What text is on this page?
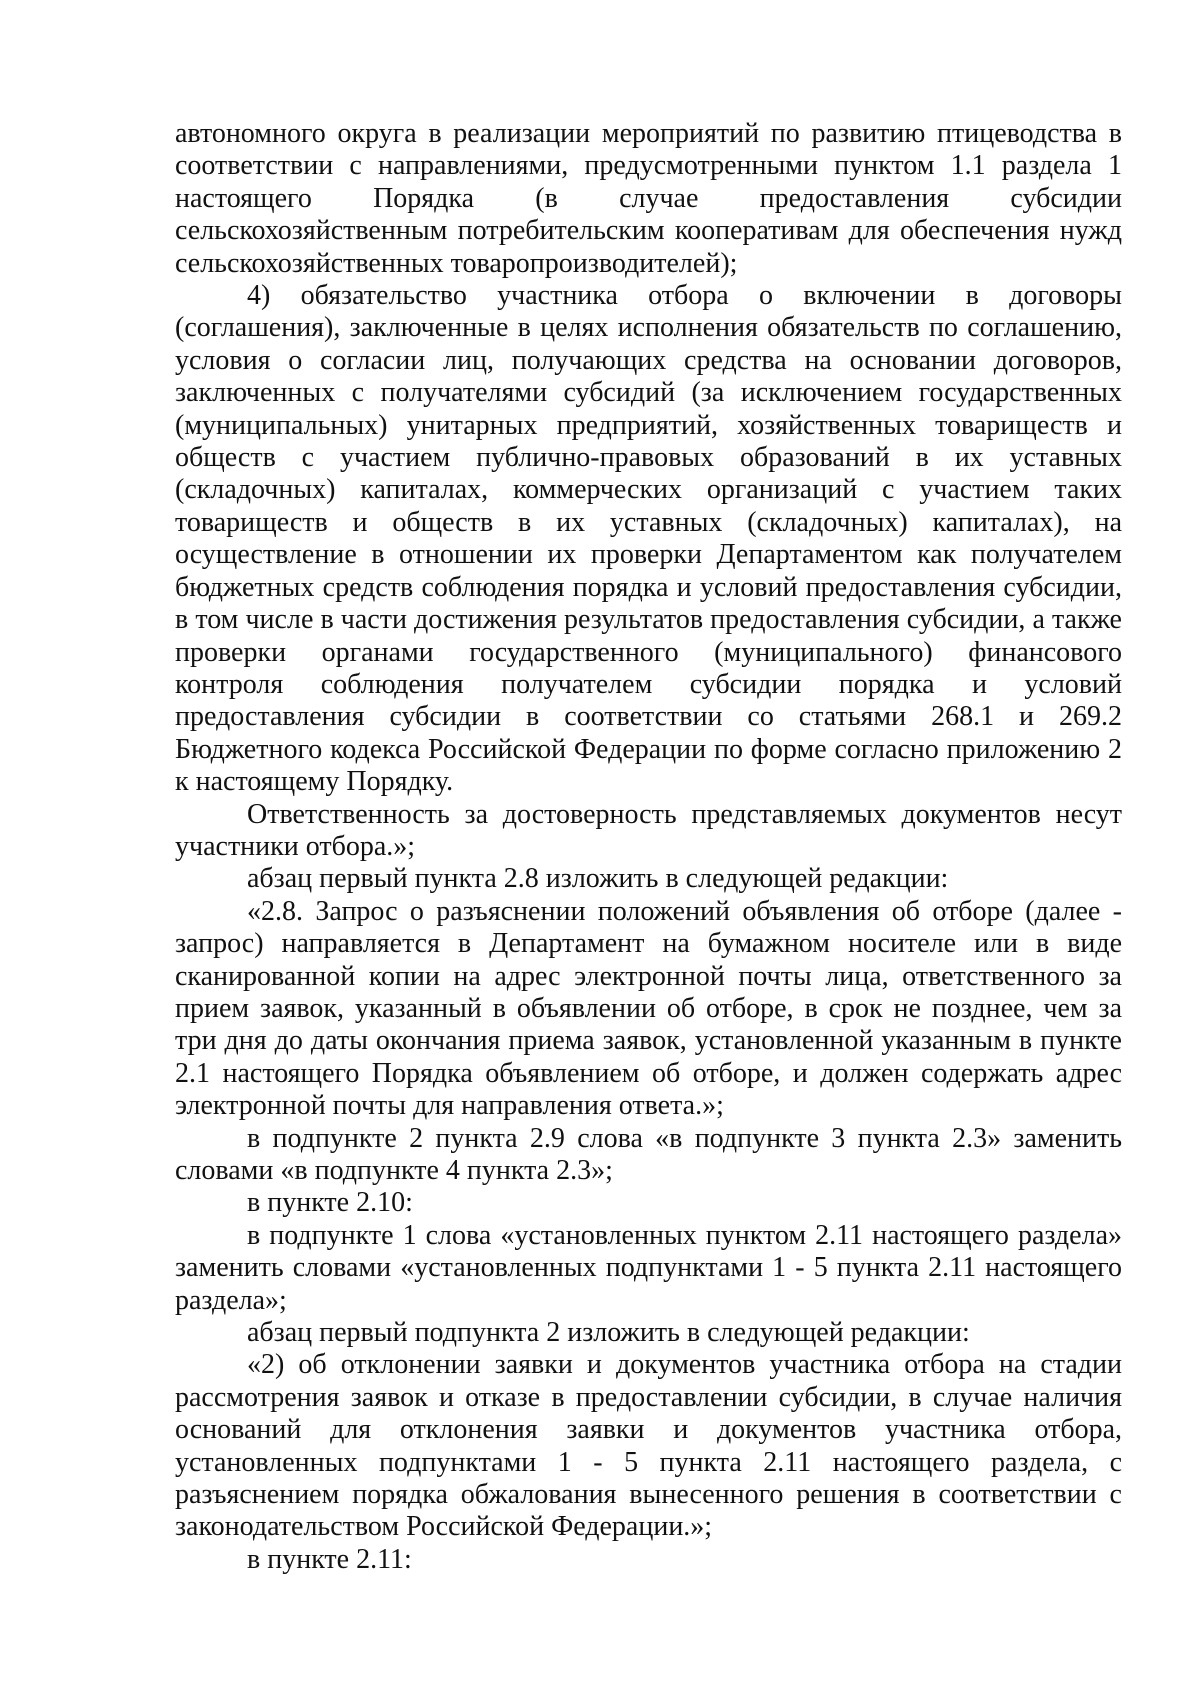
автономного округа в реализации мероприятий по развитию птицеводства в соответствии с направлениями, предусмотренными пунктом 1.1 раздела 1 настоящего Порядка (в случае предоставления субсидии сельскохозяйственным потребительским кооперативам для обеспечения нужд сельскохозяйственных товаропроизводителей);

4) обязательство участника отбора о включении в договоры (соглашения), заключенные в целях исполнения обязательств по соглашению, условия о согласии лиц, получающих средства на основании договоров, заключенных с получателями субсидий (за исключением государственных (муниципальных) унитарных предприятий, хозяйственных товариществ и обществ с участием публично-правовых образований в их уставных (складочных) капиталах, коммерческих организаций с участием таких товариществ и обществ в их уставных (складочных) капиталах), на осуществление в отношении их проверки Департаментом как получателем бюджетных средств соблюдения порядка и условий предоставления субсидии, в том числе в части достижения результатов предоставления субсидии, а также проверки органами государственного (муниципального) финансового контроля соблюдения получателем субсидии порядка и условий предоставления субсидии в соответствии со статьями 268.1 и 269.2 Бюджетного кодекса Российской Федерации по форме согласно приложению 2 к настоящему Порядку.

Ответственность за достоверность представляемых документов несут участники отбора.»;

абзац первый пункта 2.8 изложить в следующей редакции:

«2.8. Запрос о разъяснении положений объявления об отборе (далее - запрос) направляется в Департамент на бумажном носителе или в виде сканированной копии на адрес электронной почты лица, ответственного за прием заявок, указанный в объявлении об отборе, в срок не позднее, чем за три дня до даты окончания приема заявок, установленной указанным в пункте 2.1 настоящего Порядка объявлением об отборе, и должен содержать адрес электронной почты для направления ответа.»;

в подпункте 2 пункта 2.9 слова «в подпункте 3 пункта 2.3» заменить словами «в подпункте 4 пункта 2.3»;

в пункте 2.10:

в подпункте 1 слова «установленных пунктом 2.11 настоящего раздела» заменить словами «установленных подпунктами 1 - 5 пункта 2.11 настоящего раздела»;

абзац первый подпункта 2 изложить в следующей редакции:

«2) об отклонении заявки и документов участника отбора на стадии рассмотрения заявок и отказе в предоставлении субсидии, в случае наличия оснований для отклонения заявки и документов участника отбора, установленных подпунктами 1 - 5 пункта 2.11 настоящего раздела, с разъяснением порядка обжалования вынесенного решения в соответствии с законодательством Российской Федерации.»;

в пункте 2.11:
